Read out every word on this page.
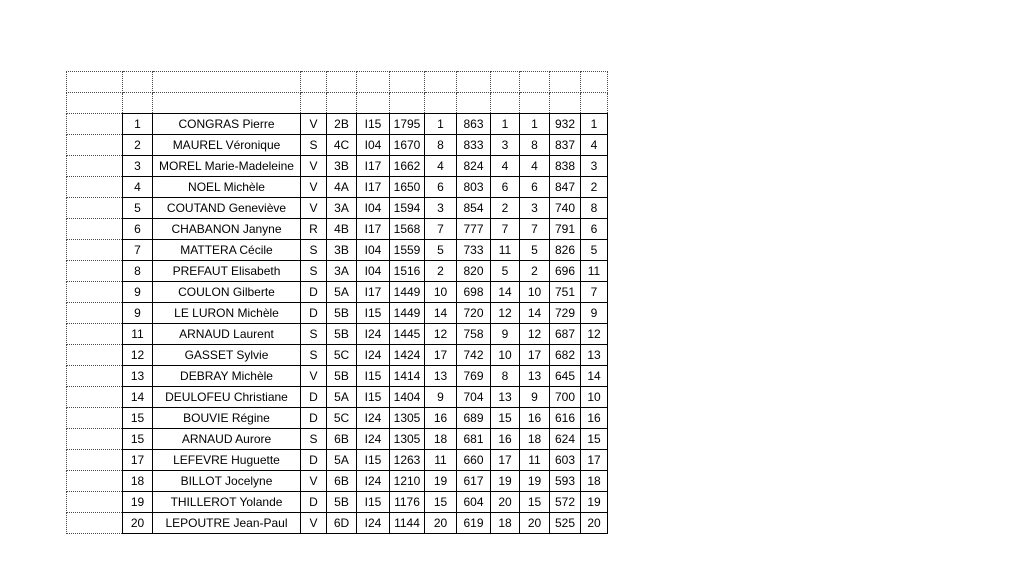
	1	CONGRAS Pierre	V	2B	I15	1795	1	863	1	1	932	1
	2	MAUREL Véronique	S	4C	I04	1670	8	833	3	8	837	4
	3	MOREL Marie-Madeleine	V	3B	I17	1662	4	824	4	4	838	3
	4	NOEL Michèle	V	4A	I17	1650	6	803	6	6	847	2
	5	COUTAND Geneviève	V	3A	I04	1594	3	854	2	3	740	8
	6	CHABANON Janyne	R	4B	I17	1568	7	777	7	7	791	6
	7	MATTERA Cécile	S	3B	I04	1559	5	733	11	5	826	5
	8	PREFAUT Elisabeth	S	3A	I04	1516	2	820	5	2	696	11
	9	COULON Gilberte	D	5A	I17	1449	10	698	14	10	751	7
	9	LE LURON Michèle	D	5B	I15	1449	14	720	12	14	729	9
	11	ARNAUD Laurent	S	5B	I24	1445	12	758	9	12	687	12
	12	GASSET Sylvie	S	5C	I24	1424	17	742	10	17	682	13
	13	DEBRAY Michèle	V	5B	I15	1414	13	769	8	13	645	14
	14	DEULOFEU Christiane	D	5A	I15	1404	9	704	13	9	700	10
	15	BOUVIE Régine	D	5C	I24	1305	16	689	15	16	616	16
	15	ARNAUD Aurore	S	6B	I24	1305	18	681	16	18	624	15
	17	LEFEVRE Huguette	D	5A	I15	1263	11	660	17	11	603	17
	18	BILLOT Jocelyne	V	6B	I24	1210	19	617	19	19	593	18
	19	THILLEROT Yolande	D	5B	I15	1176	15	604	20	15	572	19
	20	LEPOUTRE Jean-Paul	V	6D	I24	1144	20	619	18	20	525	20
